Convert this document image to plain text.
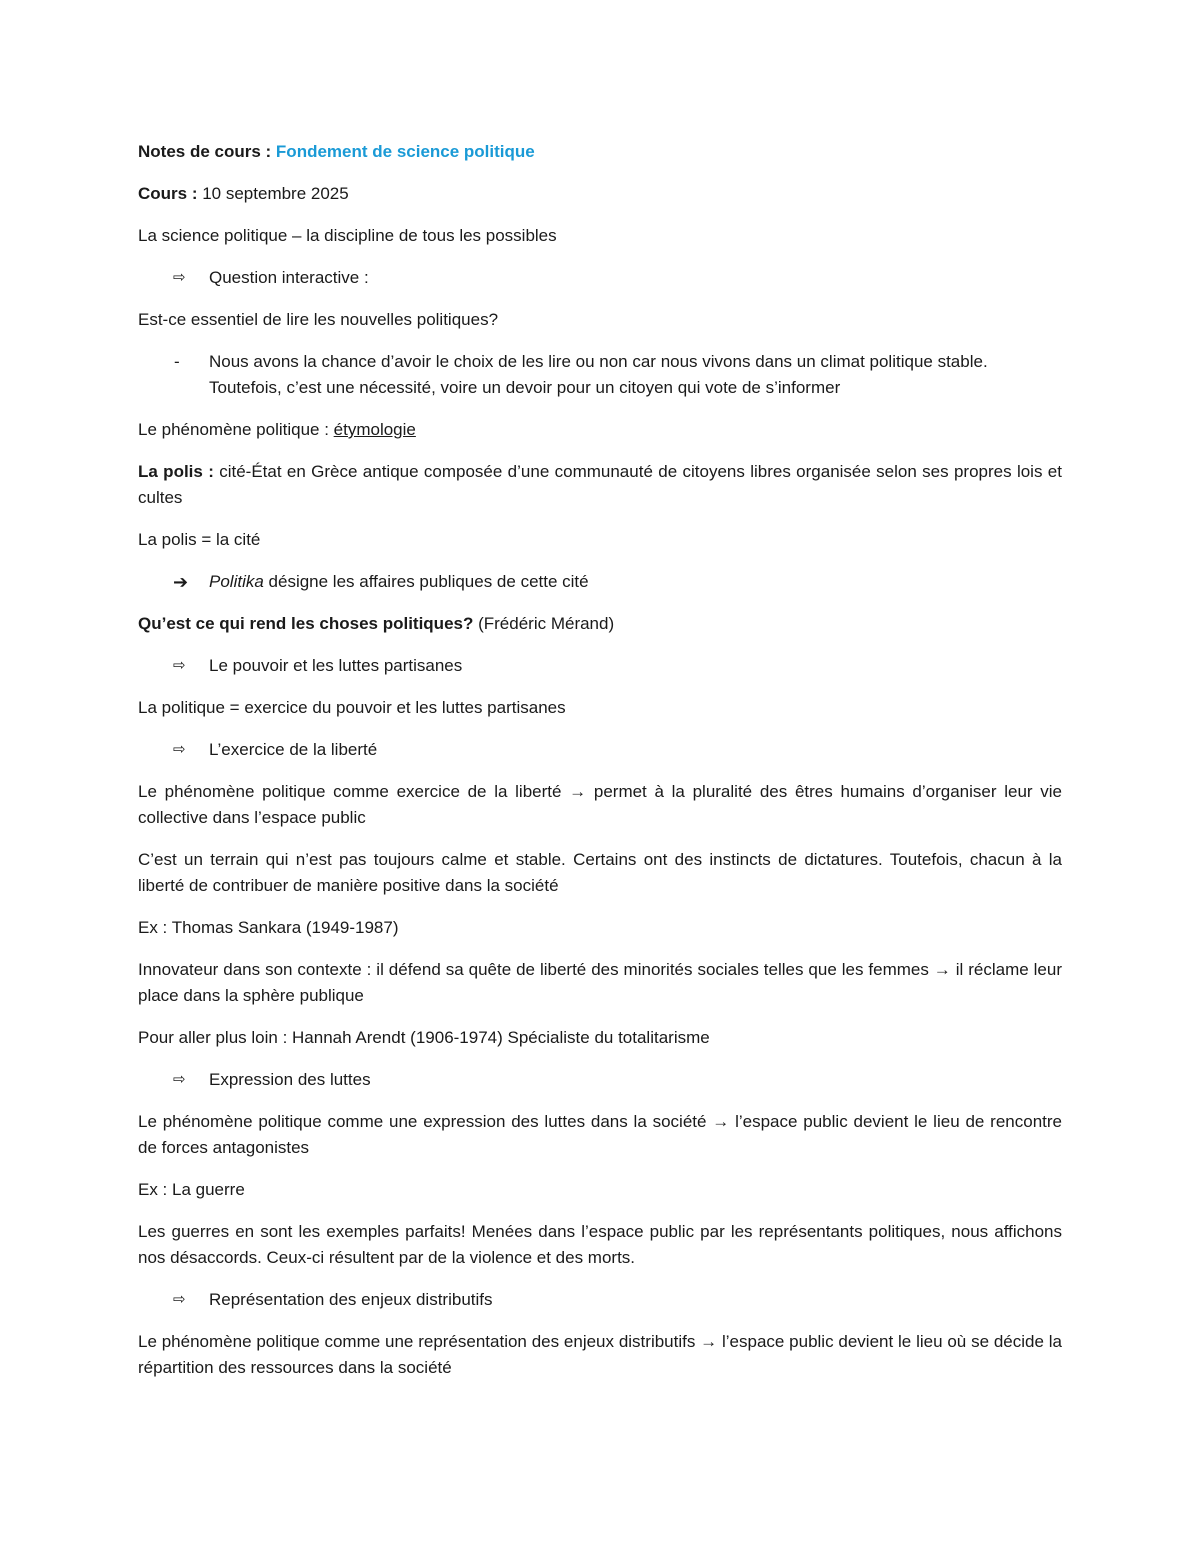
Notes de cours : Fondement de science politique

Cours : 10 septembre 2025

La science politique – la discipline de tous les possibles

⇨	Question interactive :

Est-ce essentiel de lire les nouvelles politiques?

-	Nous avons la chance d’avoir le choix de les lire ou non car nous vivons dans un climat politique stable. Toutefois, c’est une nécessité, voire un devoir pour un citoyen qui vote de s’informer

Le phénomène politique : étymologie

La polis : cité-État en Grèce antique composée d’une communauté de citoyens libres organisée selon ses propres lois et cultes

La polis = la cité

➔ Politika désigne les affaires publiques de cette cité

Qu’est ce qui rend les choses politiques? (Frédéric Mérand)

⇨	Le pouvoir et les luttes partisanes

La politique = exercice du pouvoir et les luttes partisanes

⇨	L’exercice de la liberté

Le phénomène politique comme exercice de la liberté → permet à la pluralité des êtres humains d’organiser leur vie collective dans l’espace public

C’est un terrain qui n’est pas toujours calme et stable. Certains ont des instincts de dictatures. Toutefois, chacun à la liberté de contribuer de manière positive dans la société

Ex : Thomas Sankara (1949-1987)

Innovateur dans son contexte : il défend sa quête de liberté des minorités sociales telles que les femmes → il réclame leur place dans la sphère publique

Pour aller plus loin : Hannah Arendt (1906-1974) Spécialiste du totalitarisme

⇨	Expression des luttes

Le phénomène politique comme une expression des luttes dans la société → l’espace public devient le lieu de rencontre de forces antagonistes

Ex : La guerre

Les guerres en sont les exemples parfaits! Menées dans l’espace public par les représentants politiques, nous affichons nos désaccords. Ceux-ci résultent par de la violence et des morts.

⇨	Représentation des enjeux distributifs

Le phénomène politique comme une représentation des enjeux distributifs → l’espace public devient le lieu où se décide la répartition des ressources dans la société
